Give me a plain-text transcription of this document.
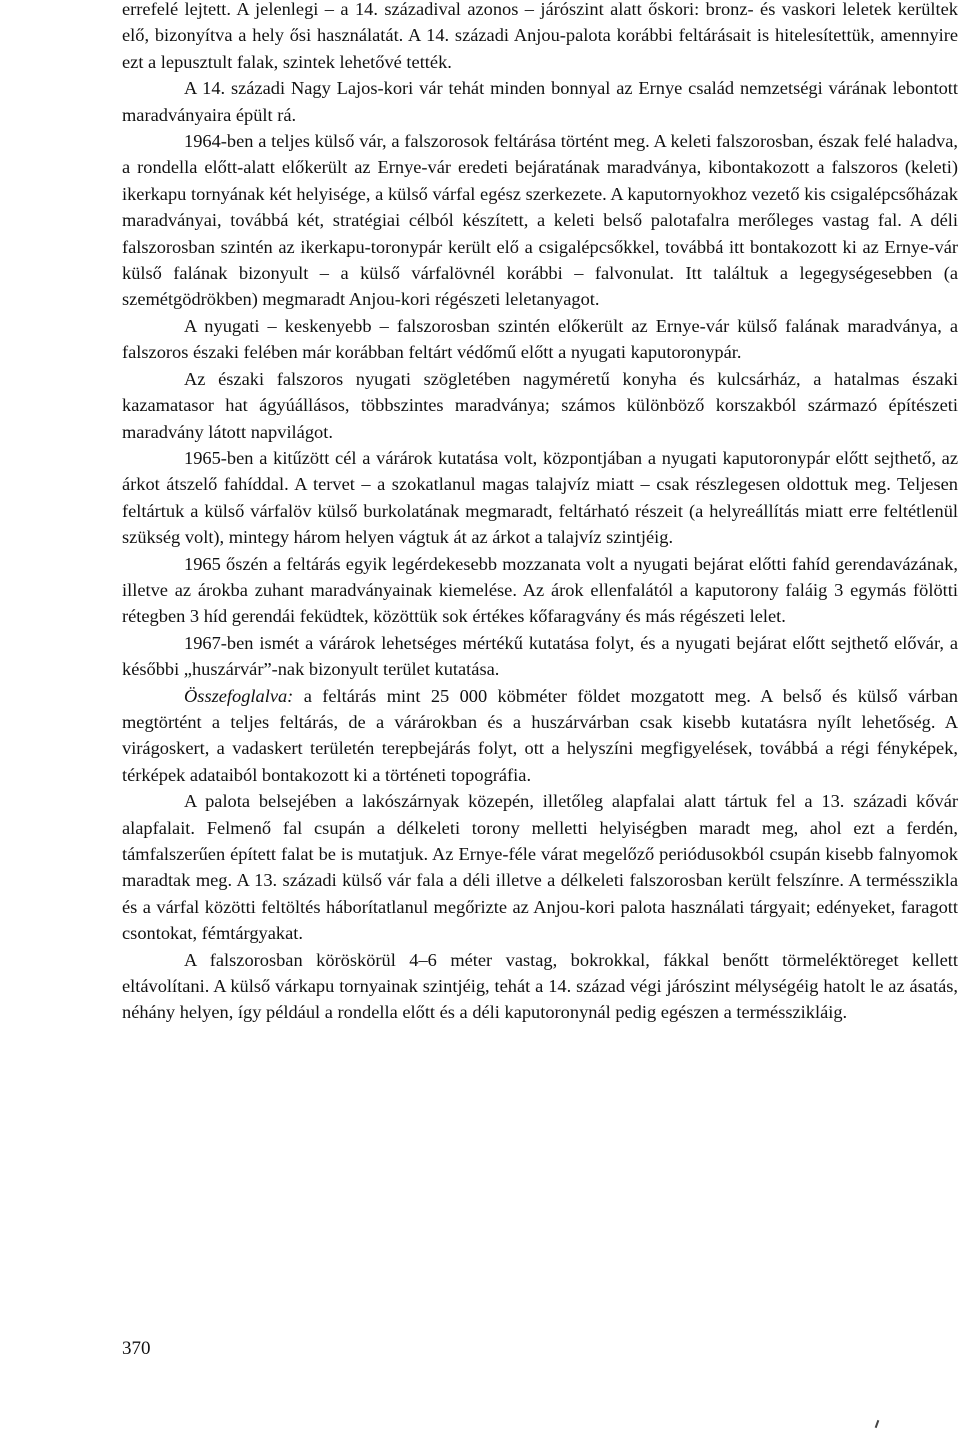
errefelé lejtett. A jelenlegi – a 14. századival azonos – járószint alatt őskori: bronz- és vaskori leletek kerültek elő, bizonyítva a hely ősi használatát. A 14. századi Anjou-palota korábbi feltárásait is hitelesítettük, amennyire ezt a lepusztult falak, szintek lehetővé tették.

A 14. századi Nagy Lajos-kori vár tehát minden bonnyal az Ernye család nemzetségi várának lebontott maradványaira épült rá.

1964-ben a teljes külső vár, a falszorosok feltárása történt meg. A keleti falszorosban, észak felé haladva, a rondella előtt-alatt előkerült az Ernye-vár eredeti bejáratának maradványa, kibontakozott a falszoros (keleti) ikerkapu tornyának két helyisége, a külső várfal egész szerkezete. A kaputornyokhoz vezető kis csigalépcsőházak maradványai, továbbá két, stratégiai célból készített, a keleti belső palotafalra merőleges vastag fal. A déli falszorosban szintén az ikerkapu-toronypár került elő a csigalépcsőkkel, továbbá itt bontakozott ki az Ernye-vár külső falának bizonyult – a külső várfalövnél korábbi – falvonulat. Itt találtuk a legegységesebben (a szemétgödrökben) megmaradt Anjou-kori régészeti leletanyagot.

A nyugati – keskenyebb – falszorosban szintén előkerült az Ernye-vár külső falának maradványa, a falszoros északi felében már korábban feltárt védőmű előtt a nyugati kaputoronypár.

Az északi falszoros nyugati szögletében nagyméretű konyha és kulcsárház, a hatalmas északi kazamatasor hat ágyúállásos, többszintes maradványa; számos különböző korszakból származó építészeti maradvány látott napvilágot.

1965-ben a kitűzött cél a várárok kutatása volt, központjában a nyugati kaputoronypár előtt sejthető, az árkot átszelő fahíddal. A tervet – a szokatlanul magas talajvíz miatt – csak részlegesen oldottuk meg. Teljesen feltártuk a külső várfalöv külső burkolatának megmaradt, feltárható részeit (a helyreállítás miatt erre feltétlenül szükség volt), mintegy három helyen vágtuk át az árkot a talajvíz szintjéig.

1965 őszén a feltárás egyik legérdekesebb mozzanata volt a nyugati bejárat előtti fahíd gerendavázának, illetve az árokba zuhant maradványainak kiemelése. Az árok ellenfalától a kaputorony faláig 3 egymás fölötti rétegben 3 híd gerendái feküdtek, közöttük sok értékes kőfaragvány és más régészeti lelet.

1967-ben ismét a várárok lehetséges mértékű kutatása folyt, és a nyugati bejárat előtt sejthető elővár, a későbbi „huszárvár”-nak bizonyult terület kutatása.

Összefoglalva: a feltárás mint 25 000 köbméter földet mozgatott meg. A belső és külső várban megtörtént a teljes feltárás, de a várárokban és a huszárvárban csak kisebb kutatásra nyílt lehetőség. A virágoskert, a vadaskert területén terepbejárás folyt, ott a helyszíni megfigyelések, továbbá a régi fényképek, térképek adataiból bontakozott ki a történeti topográfia.

A palota belsejében a lakószárnyak közepén, illetőleg alapfalai alatt tártuk fel a 13. századi kővár alapfalait. Felmenő fal csupán a délkeleti torony melletti helyiségben maradt meg, ahol ezt a ferdén, támfalszerűen épített falat be is mutatjuk. Az Ernye-féle várat megelőző periódusokból csupán kisebb falnyomok maradtak meg. A 13. századi külső vár fala a déli illetve a délkeleti falszorosban került felszínre. A termésszikla és a várfal közötti feltöltés háborítatlanul megőrizte az Anjou-kori palota használati tárgyait; edényeket, faragott csontokat, fémtárgyakat.

A falszorosban köröskörül 4–6 méter vastag, bokrokkal, fákkal benőtt törmeléktöreget kellett eltávolítani. A külső várkapu tornyainak szintjéig, tehát a 14. század végi járószint mélységéig hatolt le az ásatás, néhány helyen, így például a rondella előtt és a déli kaputoronynál pedig egészen a termésszikláig.

370
